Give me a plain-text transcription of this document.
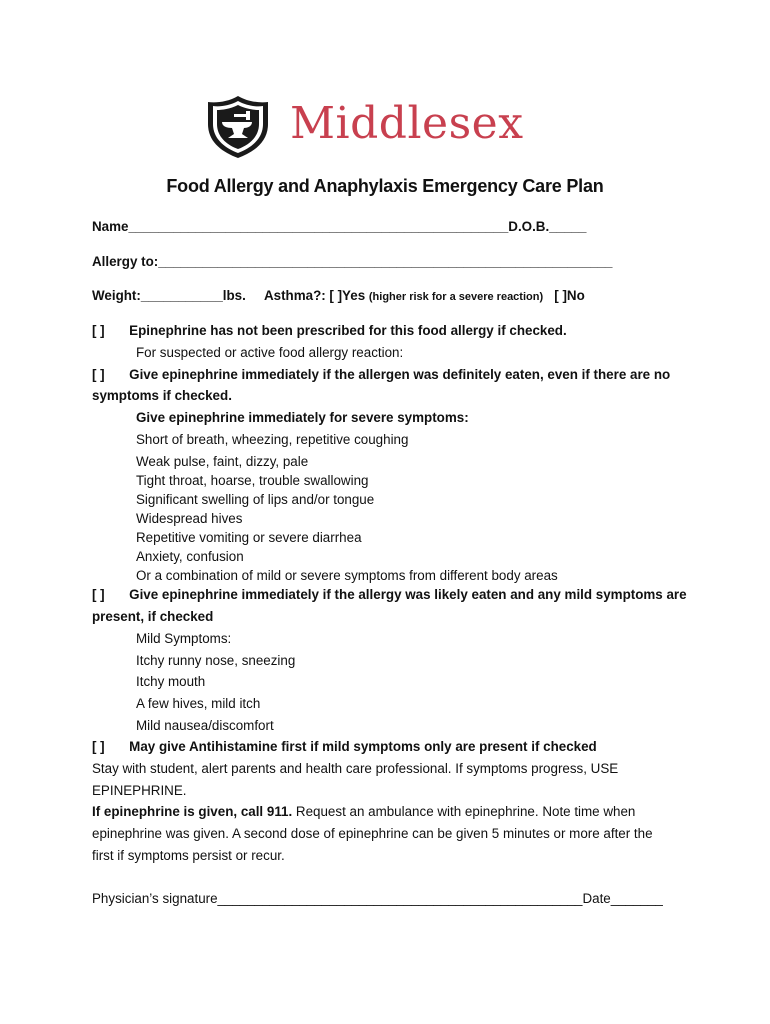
Middlesex
Food Allergy and Anaphylaxis Emergency Care Plan
Name___________________________________________________D.O.B._____
Allergy to:_____________________________________________________________
Weight:___________lbs. Asthma?: [ ]Yes (higher risk for a severe reaction) [ ]No
[ ] Epinephrine has not been prescribed for this food allergy if checked.
For suspected or active food allergy reaction:
[ ] Give epinephrine immediately if the allergen was definitely eaten, even if there are no
symptoms if checked.
Give epinephrine immediately for severe symptoms:
Short of breath, wheezing, repetitive coughing
Weak pulse, faint, dizzy, pale
Tight throat, hoarse, trouble swallowing
Significant swelling of lips and/or tongue
Widespread hives
Repetitive vomiting or severe diarrhea
Anxiety, confusion
Or a combination of mild or severe symptoms from different body areas
[ ] Give epinephrine immediately if the allergy was likely eaten and any mild symptoms are
present, if checked
Mild Symptoms:
Itchy runny nose, sneezing
Itchy mouth
A few hives, mild itch
Mild nausea/discomfort
[ ] May give Antihistamine first if mild symptoms only are present if checked
Stay with student, alert parents and health care professional. If symptoms progress, USE
EPINEPHRINE.
If epinephrine is given, call 911. Request an ambulance with epinephrine. Note time when
epinephrine was given. A second dose of epinephrine can be given 5 minutes or more after the
first if symptoms persist or recur.
Physician’s signature_________________________________________________Date_______
